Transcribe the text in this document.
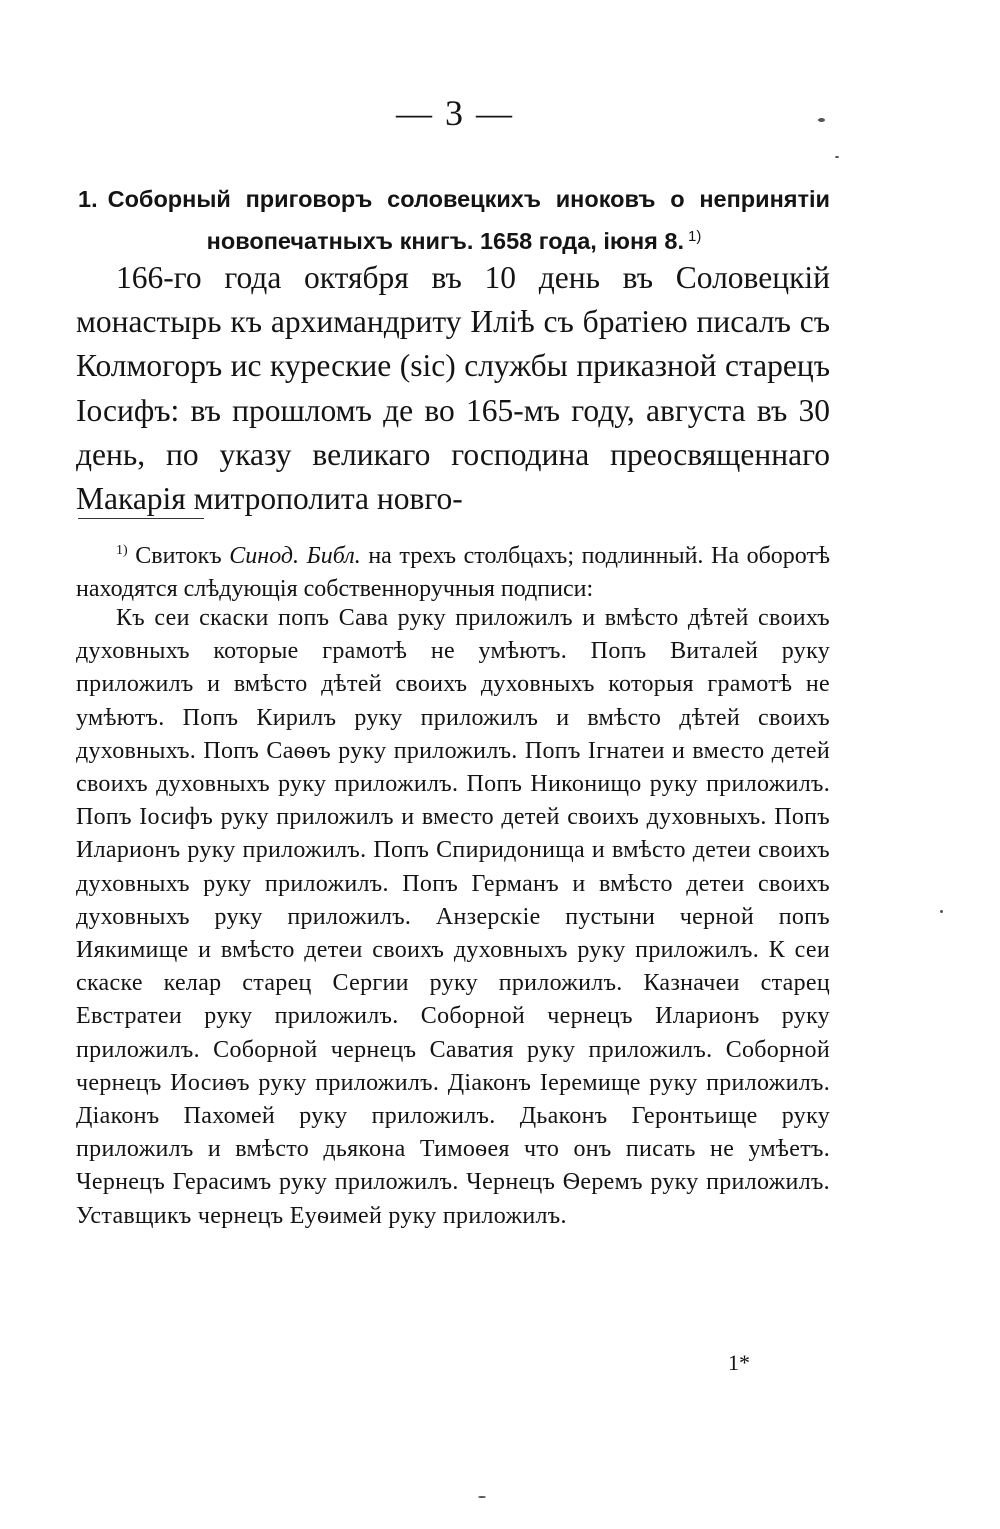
— 3 —
1. Соборный приговоръ соловецкихъ иноковъ о непринятіи новопечатныхъ книгъ. 1658 года, іюня 8. $^{1)}$

166-го года октября въ 10 день въ Соловецкій монастырь къ архимандриту Иліѣ съ братіею писалъ съ Колмогоръ ис куреские (sic) службы приказной старецъ Іосифъ: въ прошломъ де во 165-мъ году, августа въ 30 день, по указу великаго господина преосвященнаго Макарія митрополита новго-

$^{1)}$ Свитокъ Синод. Библ. на трехъ столбцахъ; подлинный. На оборотѣ находятся слѣдующія собственноручныя подписи:

Къ сеи скаски попъ Сава руку приложилъ и вмѣсто дѣтей своихъ духовныхъ которые грамотѣ не умѣютъ. Попъ Виталей руку приложилъ и вмѣсто дѣтей своихъ духовныхъ которыя грамотѣ не умѣютъ. Попъ Кирилъ руку приложилъ и вмѣсто дѣтей своихъ духовныхъ. Попъ Саѳѳъ руку приложилъ. Попъ Ігнатеи и вместо детей своихъ духовныхъ руку приложилъ. Попъ Никонищо руку приложилъ. Попъ Іосифъ руку приложилъ и вместо детей своихъ духовныхъ. Попъ Иларионъ руку приложилъ. Попъ Спиридонища и вмѣсто детеи своихъ духовныхъ руку приложилъ. Попъ Германъ и вмѣсто детеи своихъ духовныхъ руку приложилъ. Анзерскіе пустыни черной попъ Иякимище и вмѣсто детеи своихъ духовныхъ руку приложилъ. К сеи скаске келар старец Сергии руку приложилъ. Казначеи старец Евстратеи руку приложилъ. Соборной чернецъ Иларионъ руку приложилъ. Соборной чернецъ Саватия руку приложилъ. Соборной чернецъ Иосиѳъ руку приложилъ. Діаконъ Іеремище руку приложилъ. Діаконъ Пахомей руку приложилъ. Дьаконъ Геронтьище руку приложилъ и вмѣсто дьякона Тимоѳея что онъ писать не умѣетъ. Чернецъ Герасимъ руку приложилъ. Чернецъ Ѳеремъ руку приложилъ. Уставщикъ чернецъ Еуѳимей руку приложилъ.

1*
